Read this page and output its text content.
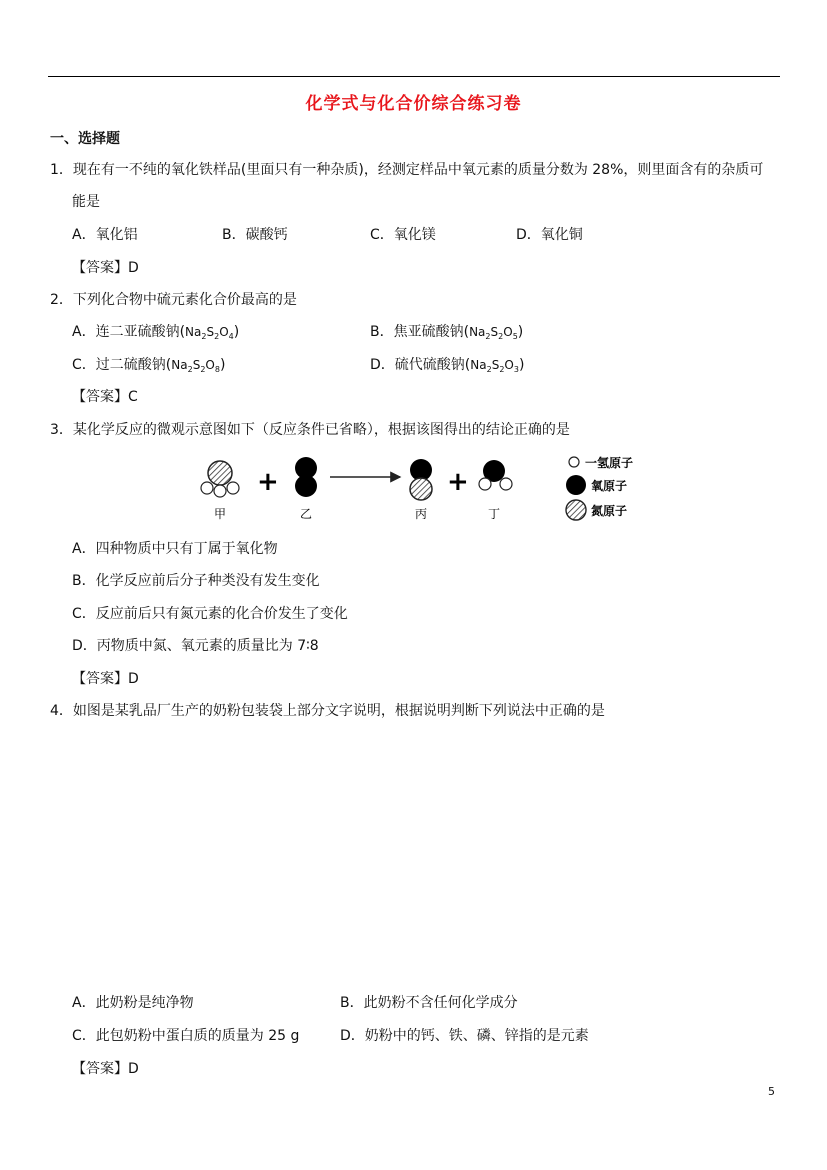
化学式与化合价综合练习卷
一、选择题
1．现在有一不纯的氧化铁样品(里面只有一种杂质)，经测定样品中氧元素的质量分数为 28%，则里面含有的杂质可
能是
A．氧化铝	B．碳酸钙	C．氧化镁	D．氧化铜
【答案】D
2．下列化合物中硫元素化合价最高的是
A．连二亚硫酸钠$(Na_2S_2O_4)$	B．焦亚硫酸钠$(Na_2S_2O_5)$
C．过二硫酸钠$(Na_2S_2O_8)$	D．硫代硫酸钠$(Na_2S_2O_3)$
【答案】C
3．某化学反应的微观示意图如下（反应条件已省略），根据该图得出的结论正确的是
甲
+
乙	丙
+
丁
一氢原子
氧原子
氮原子
A．四种物质中只有丁属于氧化物
B．化学反应前后分子种类没有发生变化
C．反应前后只有氮元素的化合价发生了变化
D．丙物质中氮、氧元素的质量比为 7∶8
【答案】D
4．如图是某乳品厂生产的奶粉包装袋上部分文字说明，根据说明判断下列说法中正确的是
A．此奶粉是纯净物	B．此奶粉不含任何化学成分
C．此包奶粉中蛋白质的质量为 25 g	D．奶粉中的钙、铁、磷、锌指的是元素
【答案】D
5
